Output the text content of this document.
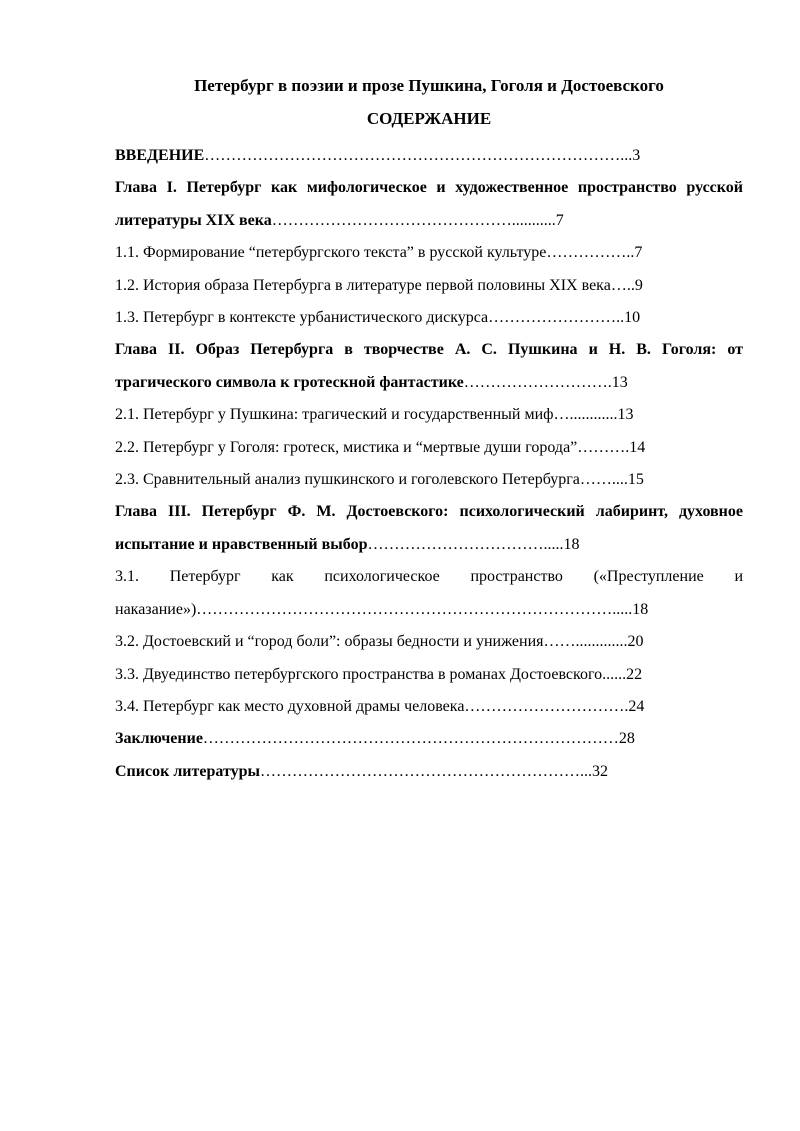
Петербург в поэзии и прозе Пушкина, Гоголя и Достоевского
СОДЕРЖАНИЕ
ВВЕДЕНИЕ……………………………………………………………………...3
Глава I. Петербург как мифологическое и художественное пространство русской литературы XIX века………………………………………...........7
1.1. Формирование “петербургского текста” в русской культуре……………..7
1.2. История образа Петербурга в литературе первой половины XIX века…..9
1.3. Петербург в контексте урбанистического дискурса……………………..10
Глава II. Образ Петербурга в творчестве А. С. Пушкина и Н. В. Гоголя: от трагического символа к гротескной фантастике……………………….13
2.1. Петербург у Пушкина: трагический и государственный миф…............13
2.2. Петербург у Гоголя: гротеск, мистика и “мертвые души города”……….14
2.3. Сравнительный анализ пушкинского и гоголевского Петербурга……....15
Глава III. Петербург Ф. М. Достоевского: психологический лабиринт, духовное испытание и нравственный выбор…………………………….....18
3.1. Петербург как психологическое пространство («Преступление и наказание»)…………………………………………………………………….....18
3.2. Достоевский и “город боли”: образы бедности и унижения…….............20
3.3. Двуединство петербургского пространства в романах Достоевского......22
3.4. Петербург как место духовной драмы человека………………………….24
Заключение……………………………………………………………………28
Список литературы……………………………………………………...32
